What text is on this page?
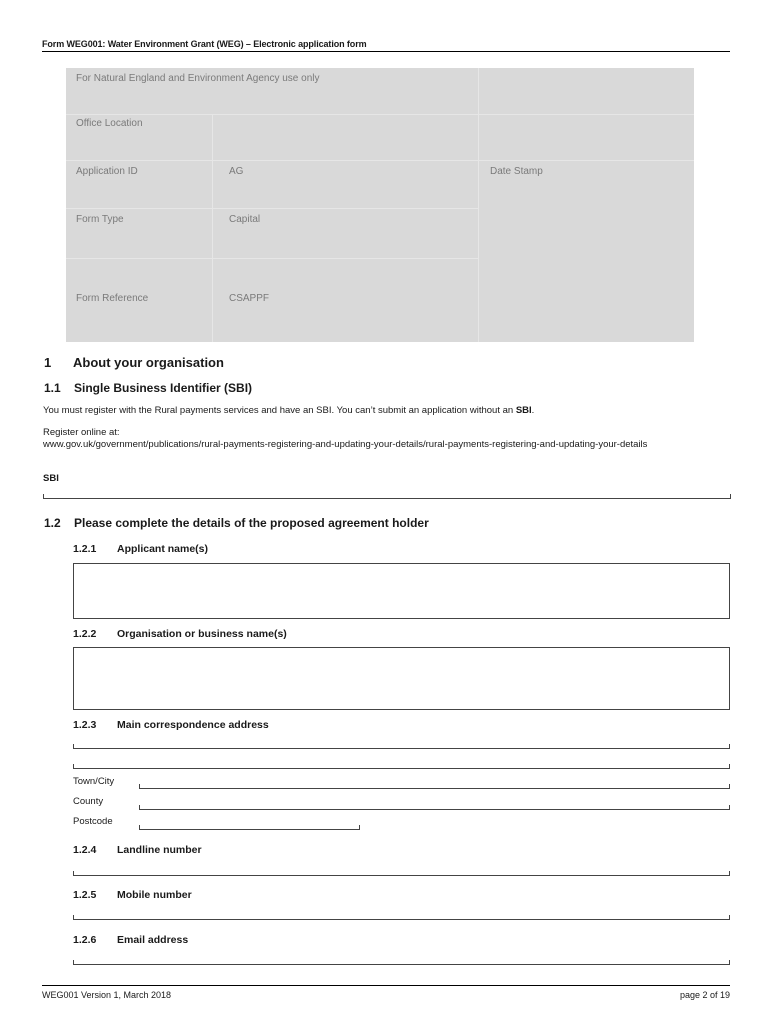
Form WEG001: Water Environment Grant (WEG) – Electronic application form
For Natural England and Environment Agency use only
Office Location
Application ID	AG	Date Stamp
Form Type	Capital
Form Reference	CSAPPF
1 About your organisation
1.1 Single Business Identifier (SBI)
You must register with the Rural payments services and have an SBI. You can’t submit an application without an SBI.
Register online at:
www.gov.uk/government/publications/rural-payments-registering-and-updating-your-details/rural-payments-registering-and-updating-your-details
SBI
1.2 Please complete the details of the proposed agreement holder
1.2.1 Applicant name(s)
1.2.2 Organisation or business name(s)
1.2.3 Main correspondence address
Town/City
County
Postcode
1.2.4 Landline number
1.2.5 Mobile number
1.2.6 Email address
WEG001 Version 1, March 2018	page 2 of 19
